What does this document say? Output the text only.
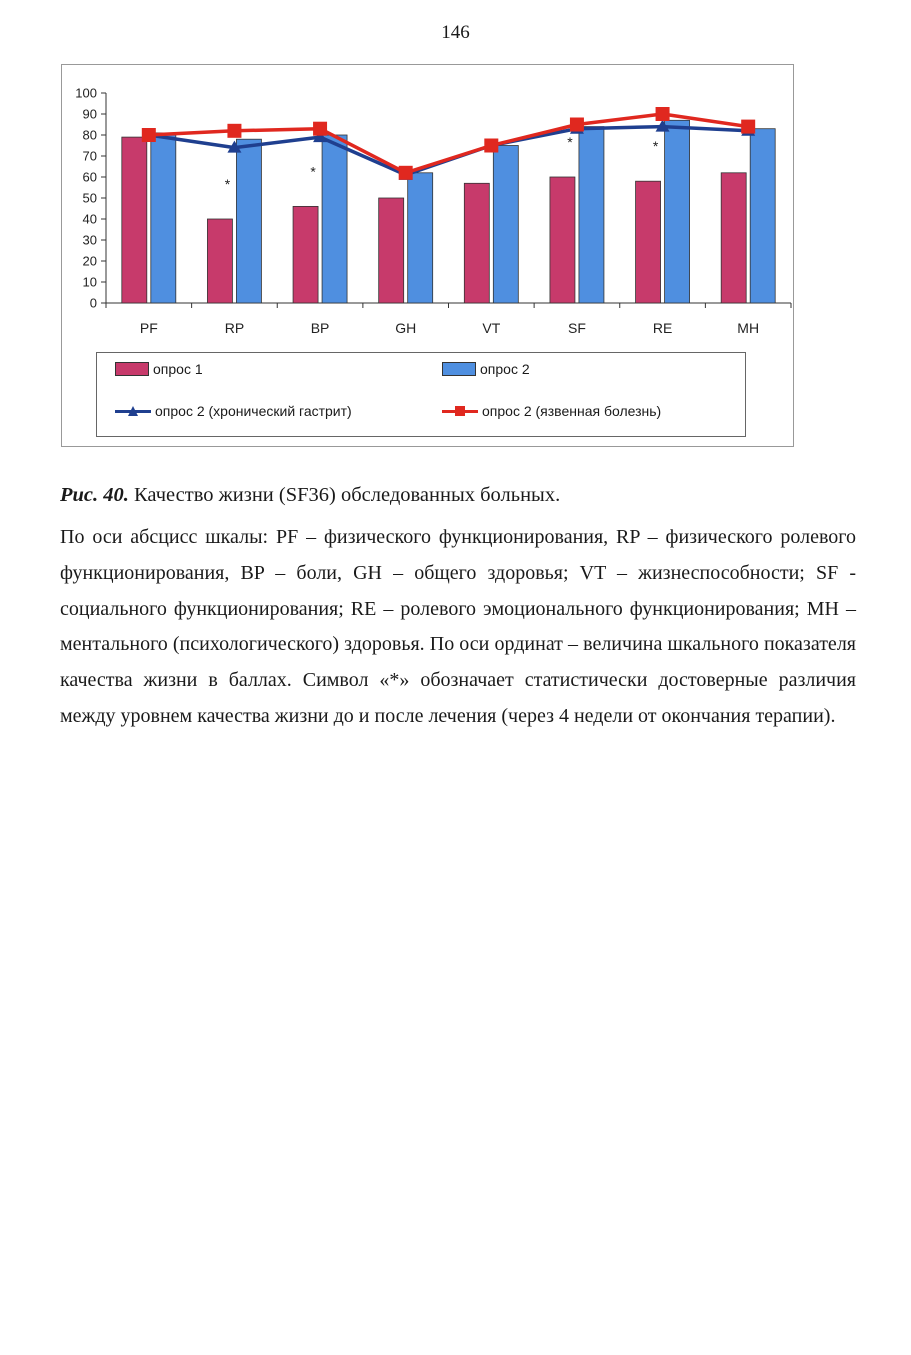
146
*
*
*	*
0
10
20
30
40
50
60
70
80
90
100
PF	RP	BP	GH	VT	SF	RE	MH
опрос 1	опрос 2
опрос 2 (хронический гастрит)	опрос 2 (язвенная болезнь)
Рис. 40. Качество жизни (SF36) обследованных больных.
По оси абсцисс шкалы: PF – физического функционирования, RP – физического ролевого функционирования, BP – боли, GH – общего здоровья; VT – жизнеспособности; SF - социального функционирования; RE – ролевого эмоционального функционирования; MH – ментального (психологического) здоровья. По оси ординат – величина шкального показателя качества жизни в баллах. Символ «*» обозначает статистически достоверные различия между уровнем качества жизни до и после лечения (через 4 недели от окончания терапии).
